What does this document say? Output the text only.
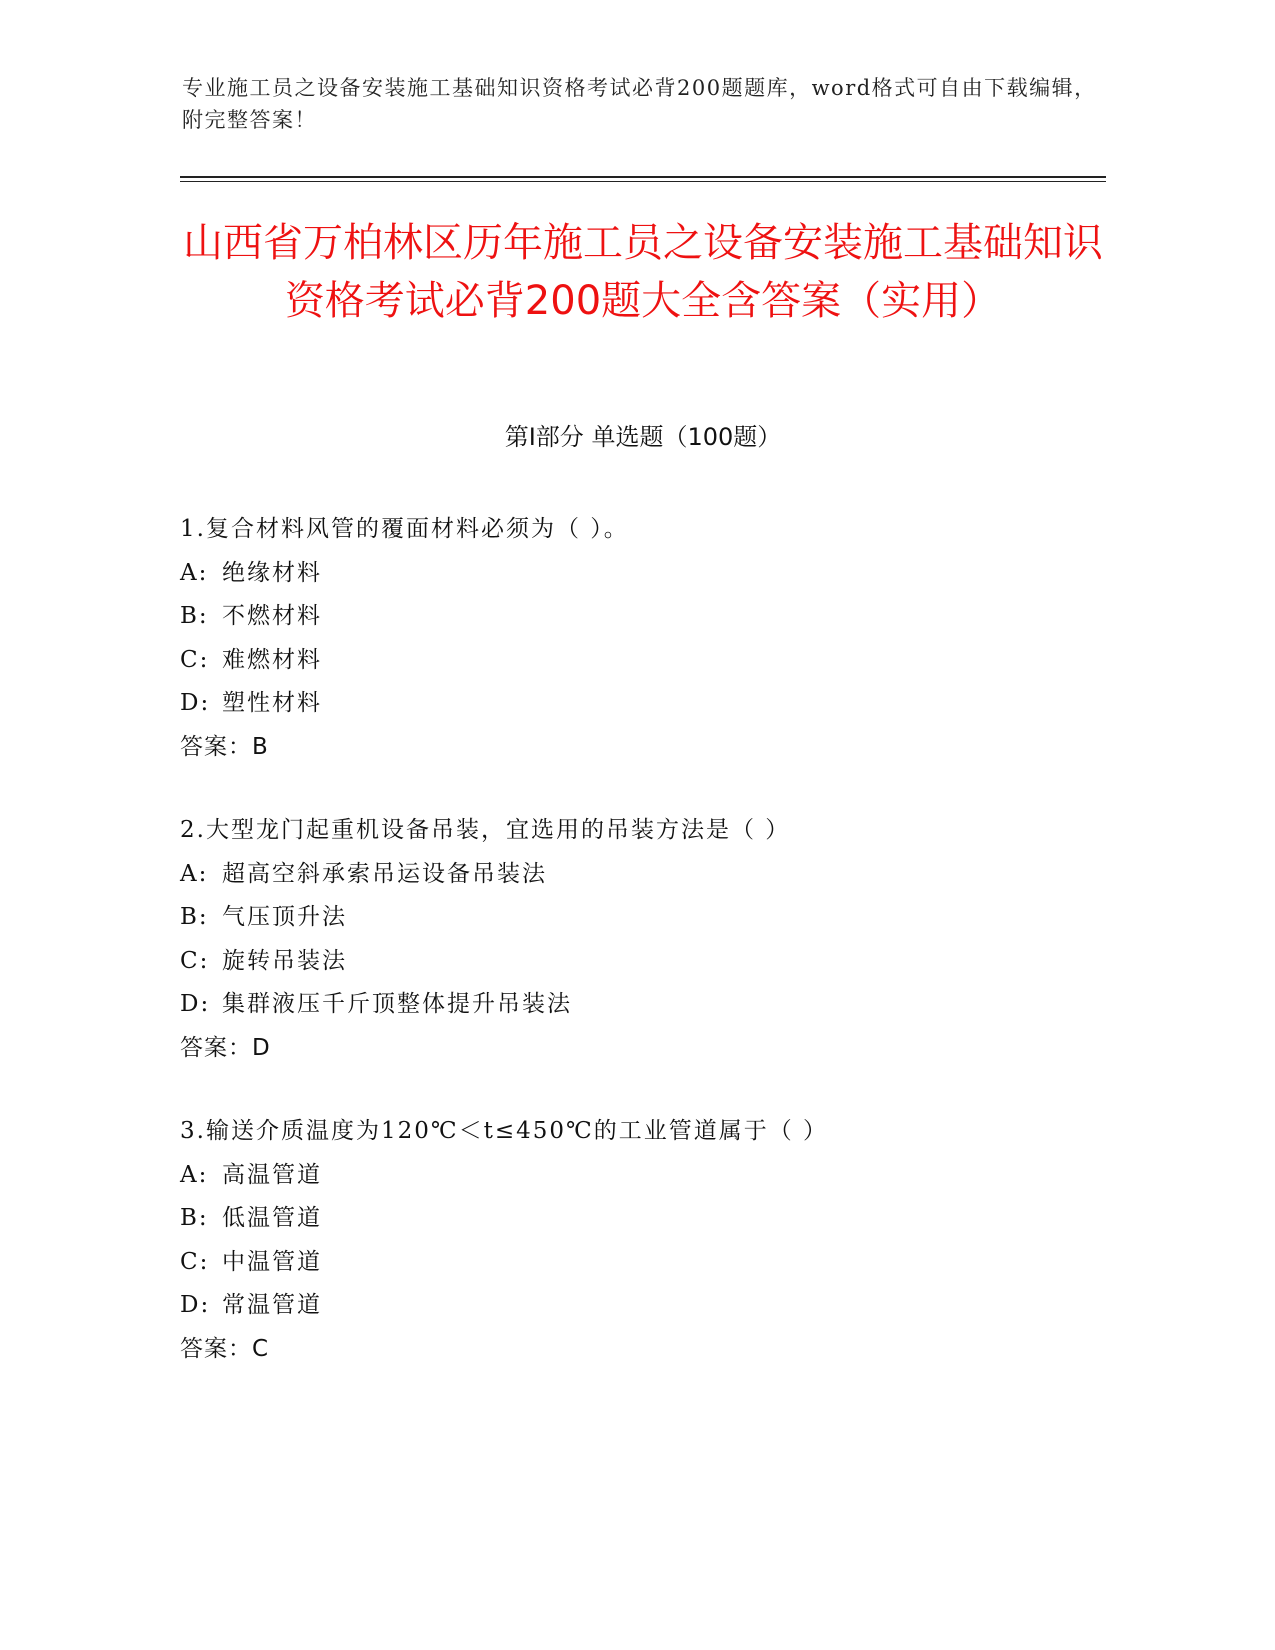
专业施工员之设备安装施工基础知识资格考试必背200题题库，word格式可自由下载编辑，附完整答案！
山西省万柏林区历年施工员之设备安装施工基础知识资格考试必背200题大全含答案（实用）
第I部分 单选题（100题）
1.复合材料风管的覆面材料必须为（ ）。
A: 绝缘材料
B: 不燃材料
C: 难燃材料
D: 塑性材料
答案：B
2.大型龙门起重机设备吊装，宜选用的吊装方法是（ ）
A: 超高空斜承索吊运设备吊装法
B: 气压顶升法
C: 旋转吊装法
D: 集群液压千斤顶整体提升吊装法
答案：D
3.输送介质温度为120℃＜t≤450℃的工业管道属于（ ）
A: 高温管道
B: 低温管道
C: 中温管道
D: 常温管道
答案：C
